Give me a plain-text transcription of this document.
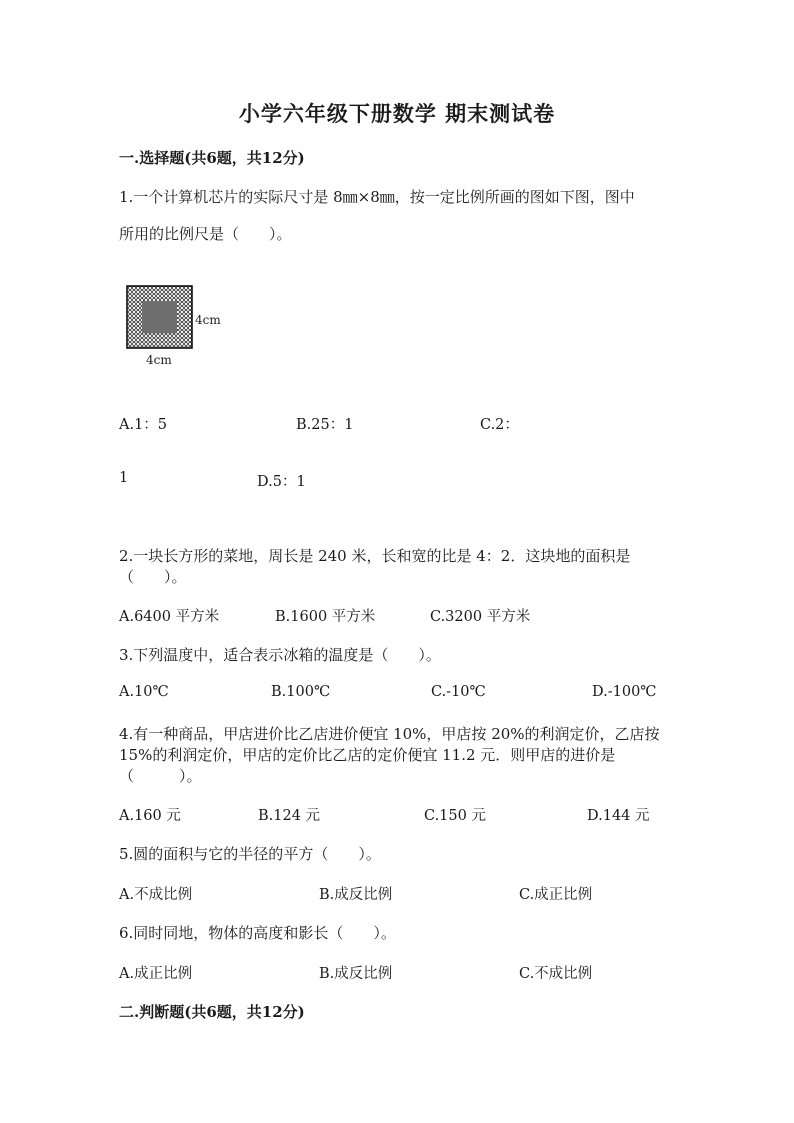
小学六年级下册数学 期末测试卷
一.选择题(共6题，共12分)
1.一个计算机芯片的实际尺寸是 8㎜×8㎜，按一定比例所画的图如下图，图中
所用的比例尺是（　　）。
4cm
4cm
A.1：5	B.25：1	C.2：
1	D.5：1
2.一块长方形的菜地，周长是 240 米，长和宽的比是 4：2．这块地的面积是
（　　）。
A.6400 平方米	B.1600 平方米	C.3200 平方米
3.下列温度中，适合表示冰箱的温度是（　　）。
A.10℃	B.100℃	C.-10℃	D.-100℃
4.有一种商品，甲店进价比乙店进价便宜 10%，甲店按 20%的利润定价，乙店按
15%的利润定价，甲店的定价比乙店的定价便宜 11.2 元．则甲店的进价是
（　　　）。
A.160 元	B.124 元	C.150 元	D.144 元
5.圆的面积与它的半径的平方（　　）。
A.不成比例	B.成反比例	C.成正比例
6.同时同地，物体的高度和影长（　　）。
A.成正比例	B.成反比例	C.不成比例
二.判断题(共6题，共12分)
